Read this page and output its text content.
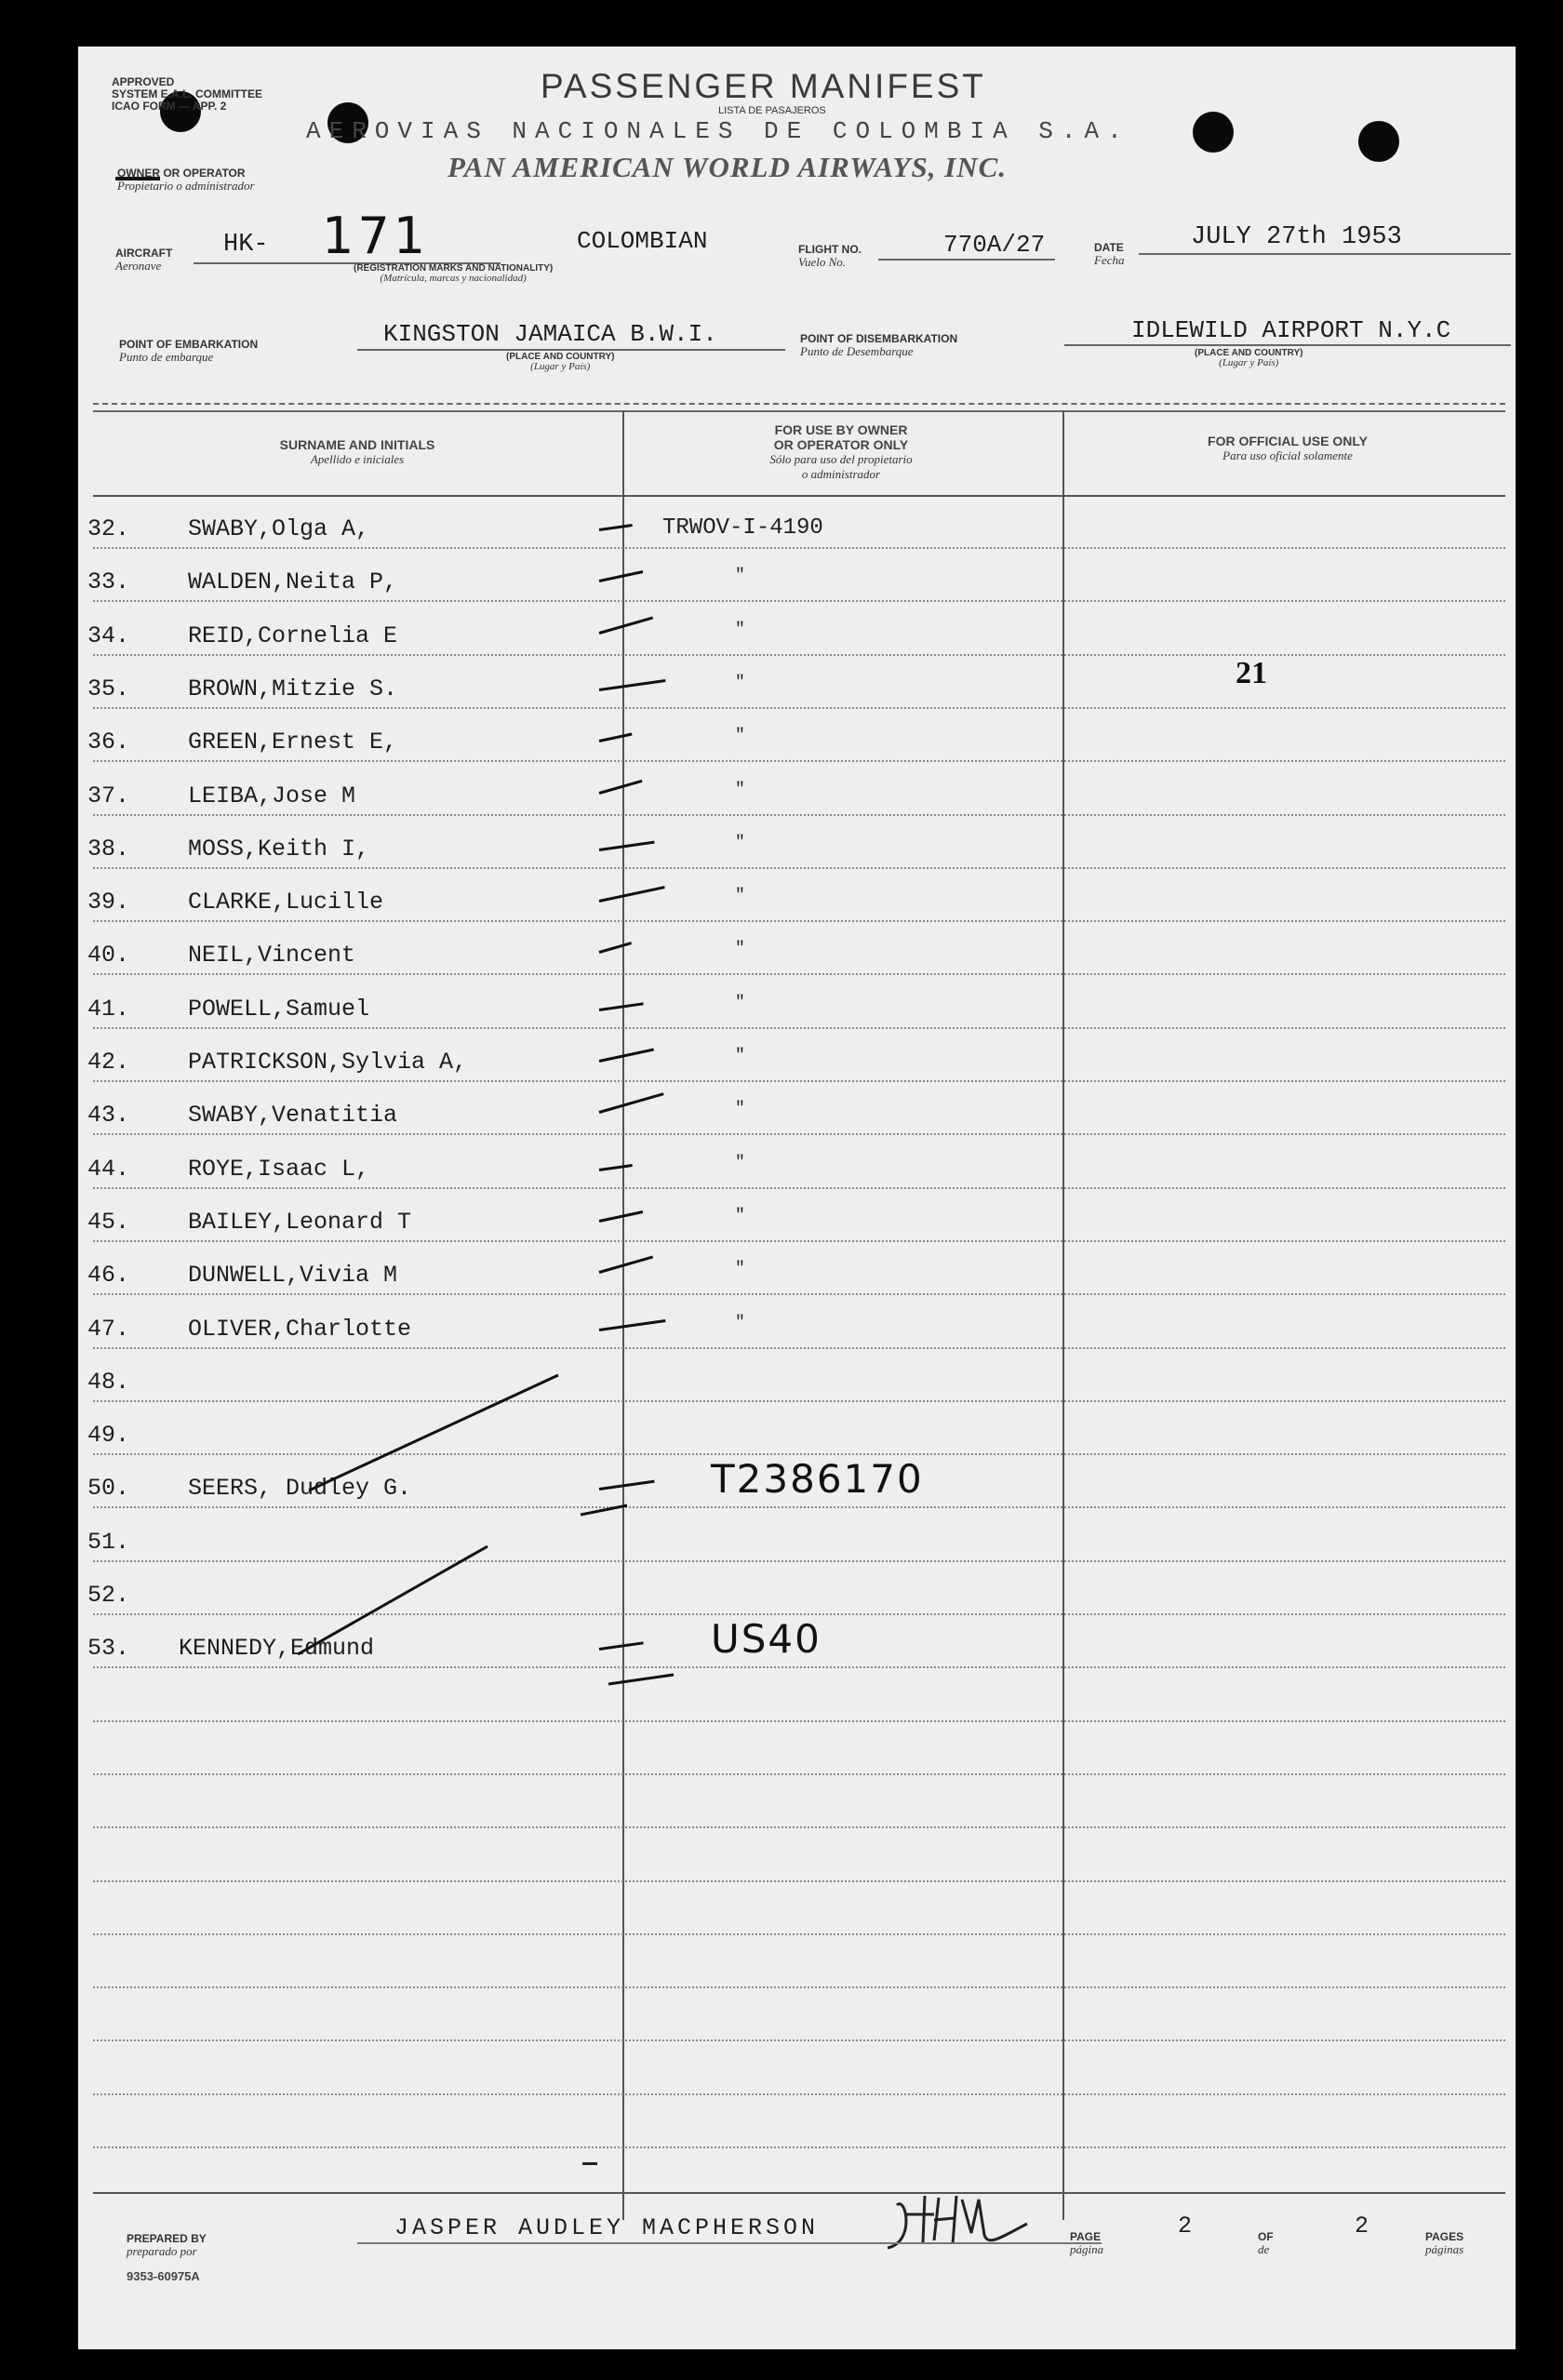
APPROVED
SYSTEM E.A.L. COMMITTEE
ICAO FORM — APP. 2
PASSENGER MANIFEST
LISTA DE PASAJEROS
AEROVIAS NACIONALES DE COLOMBIA S.A.
PAN AMERICAN WORLD AIRWAYS, INC.
OWNER OR OPERATOR
Propietario o administrador
AIRCRAFT
Aeronave
HK- 171	COLOMBIAN
(REGISTRATION MARKS AND NATIONALITY)
(Matrícula, marcas y nacionalidad)
FLIGHT NO.
Vuelo No.
770A/27	DATE
Fecha
JULY 27th 1953
POINT OF EMBARKATION
Punto de embarque
KINGSTON JAMAICA B.W.I.
(PLACE AND COUNTRY)
(Lugar y País)
POINT OF DISEMBARKATION
Punto de Desembarque
IDLEWILD AIRPORT N.Y.C
(PLACE AND COUNTRY)
(Lugar y País)
SURNAME AND INITIALS
Apellido e iniciales
FOR USE BY OWNER
OR OPERATOR ONLY
Sólo para uso del propietario
o administrador
FOR OFFICIAL USE ONLY
Para uso oficial solamente
21
32.	SWABY,Olga A,	TRWOV-I-4190
33.	WALDEN,Neita P,	"
34.	REID,Cornelia E	"
35.	BROWN,Mitzie S.	"
36.	GREEN,Ernest E,	"
37.	LEIBA,Jose M	"
38.	MOSS,Keith I,	"
39.	CLARKE,Lucille	"
40.	NEIL,Vincent	"
41.	POWELL,Samuel	"
42.	PATRICKSON,Sylvia A,	"
43.	SWABY,Venatitia	"
44.	ROYE,Isaac L,	"
45.	BAILEY,Leonard T	"
46.	DUNWELL,Vivia M	"
47.	OLIVER,Charlotte	"
48.
49.
50.	SEERS, Dudley G.	T2386170
51.
52.
53. KENNEDY,Edmund	US40
PREPARED BY
preparado por
JASPER AUDLEY MACPHERSON	PAGE
página
2	OF
de
2	PAGES
páginas
9353-60975A
